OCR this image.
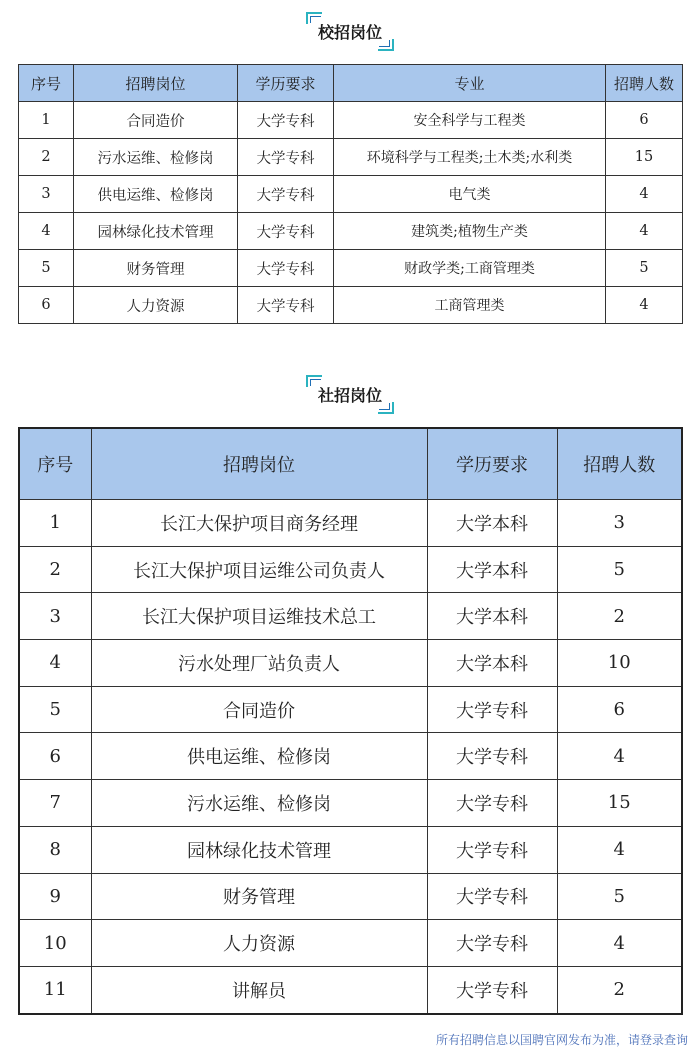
校招岗位
序号	招聘岗位	学历要求	专业	招聘人数
1	合同造价	大学专科	安全科学与工程类	6
2	污水运维、检修岗	大学专科	环境科学与工程类;土木类;水利类	15
3	供电运维、检修岗	大学专科	电气类	4
4	园林绿化技术管理	大学专科	建筑类;植物生产类	4
5	财务管理	大学专科	财政学类;工商管理类	5
6	人力资源	大学专科	工商管理类	4
社招岗位
序号	招聘岗位	学历要求	招聘人数
1	长江大保护项目商务经理	大学本科	3
2	长江大保护项目运维公司负责人	大学本科	5
3	长江大保护项目运维技术总工	大学本科	2
4	污水处理厂站负责人	大学本科	10
5	合同造价	大学专科	6
6	供电运维、检修岗	大学专科	4
7	污水运维、检修岗	大学专科	15
8	园林绿化技术管理	大学专科	4
9	财务管理	大学专科	5
10	人力资源	大学专科	4
11	讲解员	大学专科	2
所有招聘信息以国聘官网发布为准，请登录查询
